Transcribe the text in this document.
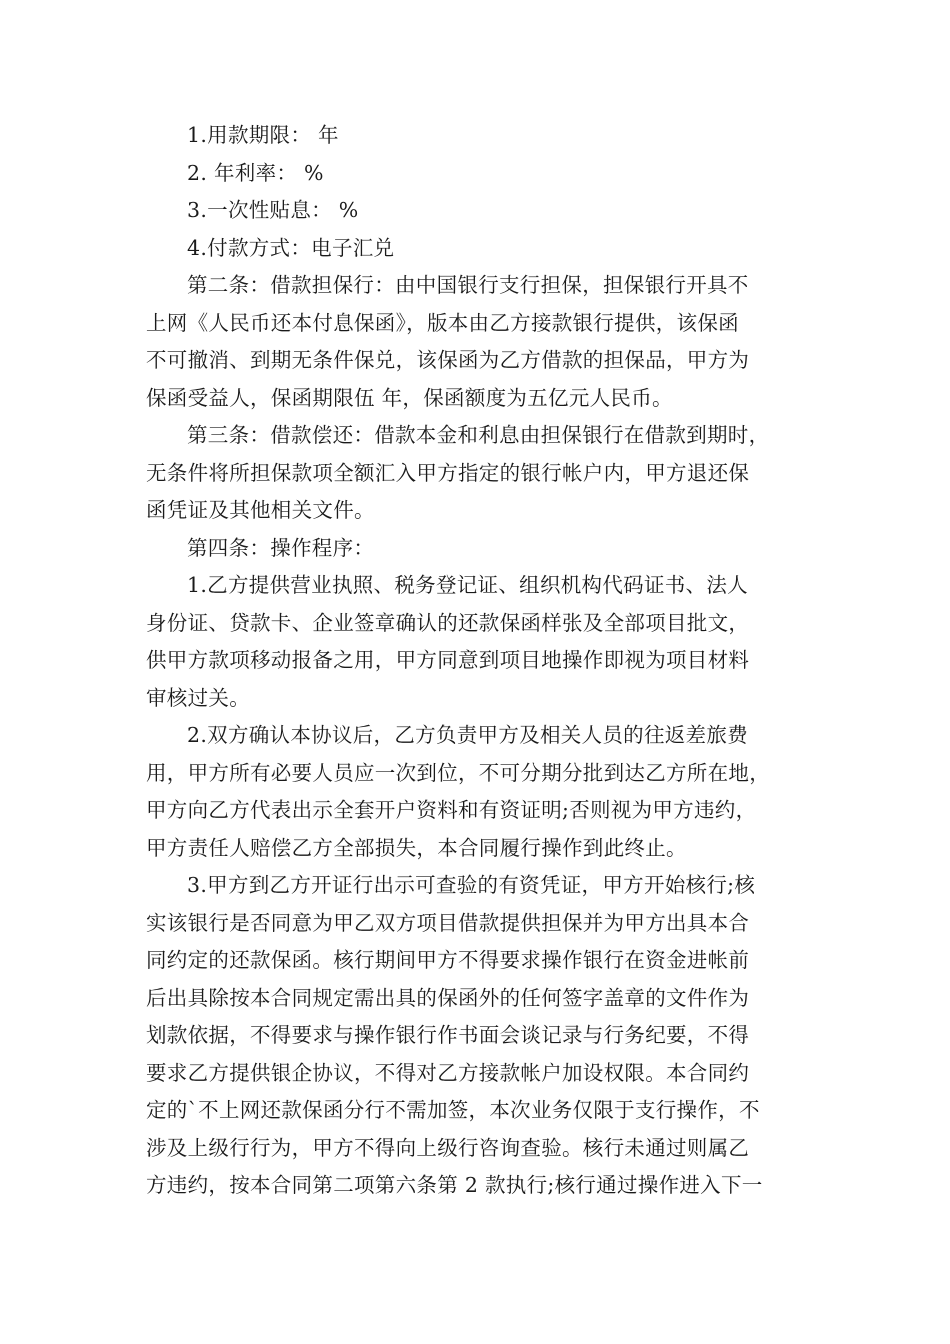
1.用款期限： 年
2. 年利率： %
3.一次性贴息： %
4.付款方式：电子汇兑
第二条：借款担保行：由中国银行支行担保，担保银行开具不
上网《人民币还本付息保函》，版本由乙方接款银行提供，该保函
不可撤消、到期无条件保兑，该保函为乙方借款的担保品，甲方为
保函受益人，保函期限伍 年，保函额度为五亿元人民币。
第三条：借款偿还：借款本金和利息由担保银行在借款到期时，
无条件将所担保款项全额汇入甲方指定的银行帐户内，甲方退还保
函凭证及其他相关文件。
第四条：操作程序：
1.乙方提供营业执照、税务登记证、组织机构代码证书、法人
身份证、贷款卡、企业签章确认的还款保函样张及全部项目批文，
供甲方款项移动报备之用，甲方同意到项目地操作即视为项目材料
审核过关。
2.双方确认本协议后，乙方负责甲方及相关人员的往返差旅费
用，甲方所有必要人员应一次到位，不可分期分批到达乙方所在地，
甲方向乙方代表出示全套开户资料和有资证明;否则视为甲方违约，
甲方责任人赔偿乙方全部损失，本合同履行操作到此终止。
3.甲方到乙方开证行出示可查验的有资凭证，甲方开始核行;核
实该银行是否同意为甲乙双方项目借款提供担保并为甲方出具本合
同约定的还款保函。核行期间甲方不得要求操作银行在资金进帐前
后出具除按本合同规定需出具的保函外的任何签字盖章的文件作为
划款依据，不得要求与操作银行作书面会谈记录与行务纪要，不得
要求乙方提供银企协议，不得对乙方接款帐户加设权限。本合同约
定的`不上网还款保函分行不需加签，本次业务仅限于支行操作，不
涉及上级行行为，甲方不得向上级行咨询查验。核行未通过则属乙
方违约，按本合同第二项第六条第 2 款执行;核行通过操作进入下一
